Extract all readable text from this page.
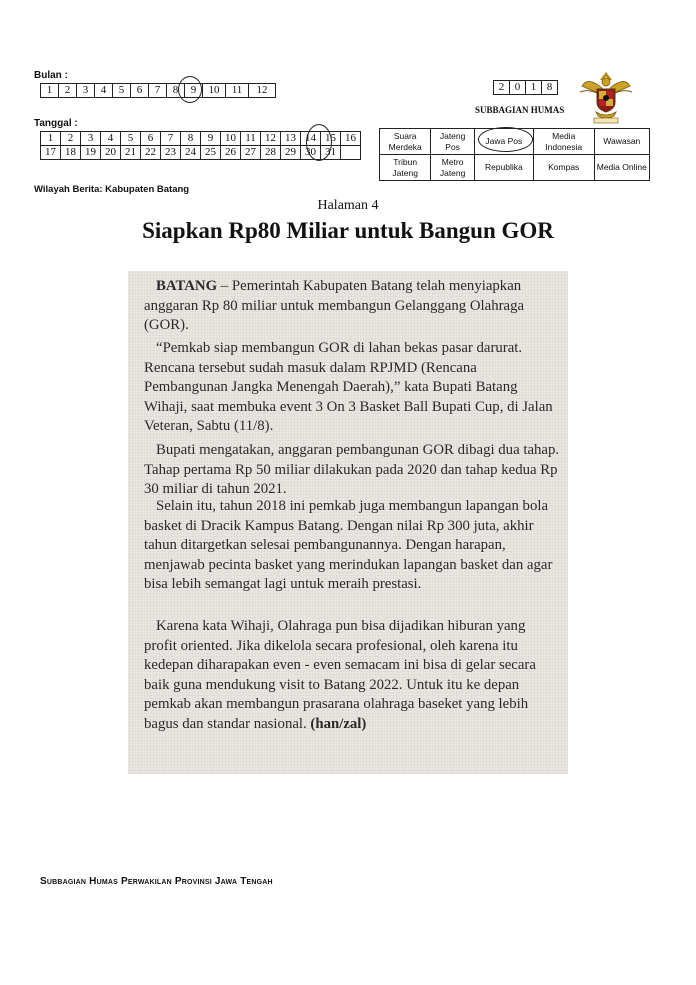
Bulan :
1	2	3	4	5	6	7	8	9	10	11	12
Tanggal :
1	2	3	4	5	6	7	8	9	10	11	12	13	14	15	16
17	18	19	20	21	22	23	24	25	26	27	28	29	30	31	
2	0	1	8
SUBBAGIAN HUMAS
Suara Merdeka	Jateng Pos	Jawa Pos	Media Indonesia	Wawasan
Tribun Jateng	Metro Jateng	Republika	Kompas	Media Online
Wilayah Berita: Kabupaten Batang
Halaman 4
Siapkan Rp80 Miliar untuk Bangun GOR

BATANG – Pemerintah Kabupaten Batang telah menyiapkan anggaran Rp 80 miliar untuk membangun Gelanggang Olahraga (GOR).

“Pemkab siap membangun GOR di lahan bekas pasar darurat. Rencana tersebut sudah masuk dalam RPJMD (Rencana Pembangunan Jangka Menengah Daerah),” kata Bupati Batang Wihaji, saat membuka event 3 On 3 Basket Ball Bupati Cup, di Jalan Veteran, Sabtu (11/8).

Bupati mengatakan, anggaran pembangunan GOR dibagi dua tahap. Tahap pertama Rp 50 miliar dilakukan pada 2020 dan tahap kedua Rp 30 miliar di tahun 2021.

Selain itu, tahun 2018 ini pemkab juga membangun lapangan bola basket di Dracik Kampus Batang. Dengan nilai Rp 300 juta, akhir tahun ditargetkan selesai pembangunannya. Dengan harapan, menjawab pecinta basket yang merindukan lapangan basket dan agar bisa lebih semangat lagi untuk meraih prestasi.

Karena kata Wihaji, Olahraga pun bisa dijadikan hiburan yang profit oriented. Jika dikelola secara profesional, oleh karena itu kedepan diharapakan even - even semacam ini bisa di gelar secara baik guna mendukung visit to Batang 2022. Untuk itu ke depan pemkab akan membangun prasarana olahraga baseket yang lebih bagus dan standar nasional. (han/zal)

Subbagian Humas Perwakilan Provinsi Jawa Tengah
